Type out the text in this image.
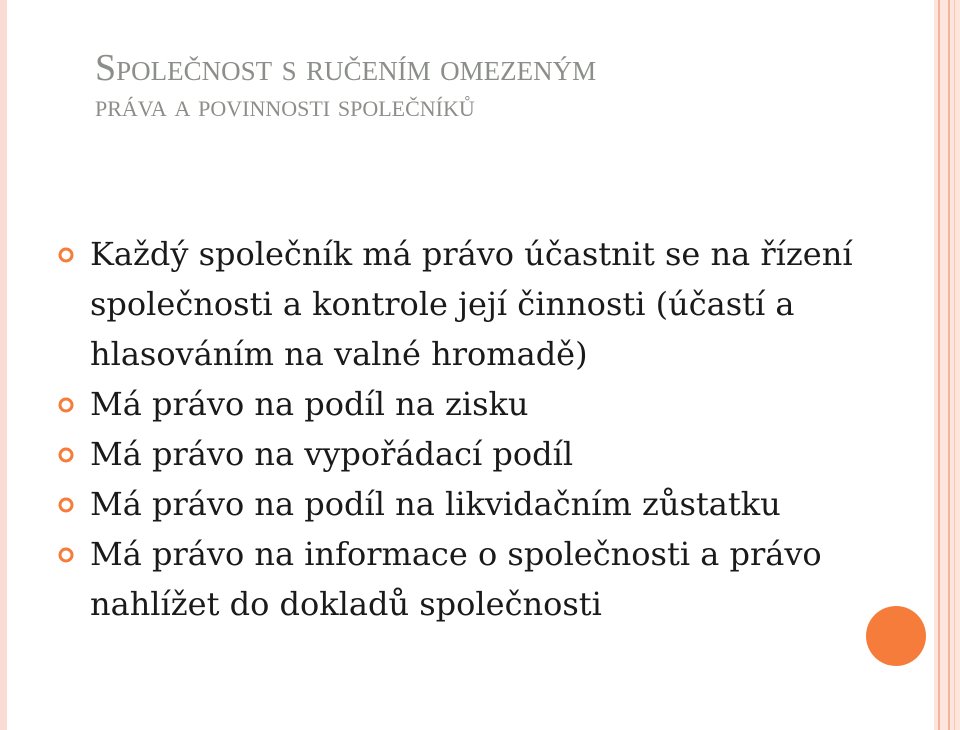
Společnost s ručením omezeným
práva a povinnosti společníků
Každý společník má právo účastnit se na řízení společnosti a kontrole její činnosti (účastí a hlasováním na valné hromadě)
Má právo na podíl na zisku
Má právo na vypořádací podíl
Má právo na podíl na likvidačním zůstatku
Má právo na informace o společnosti a právo nahlížet do dokladů společnosti
